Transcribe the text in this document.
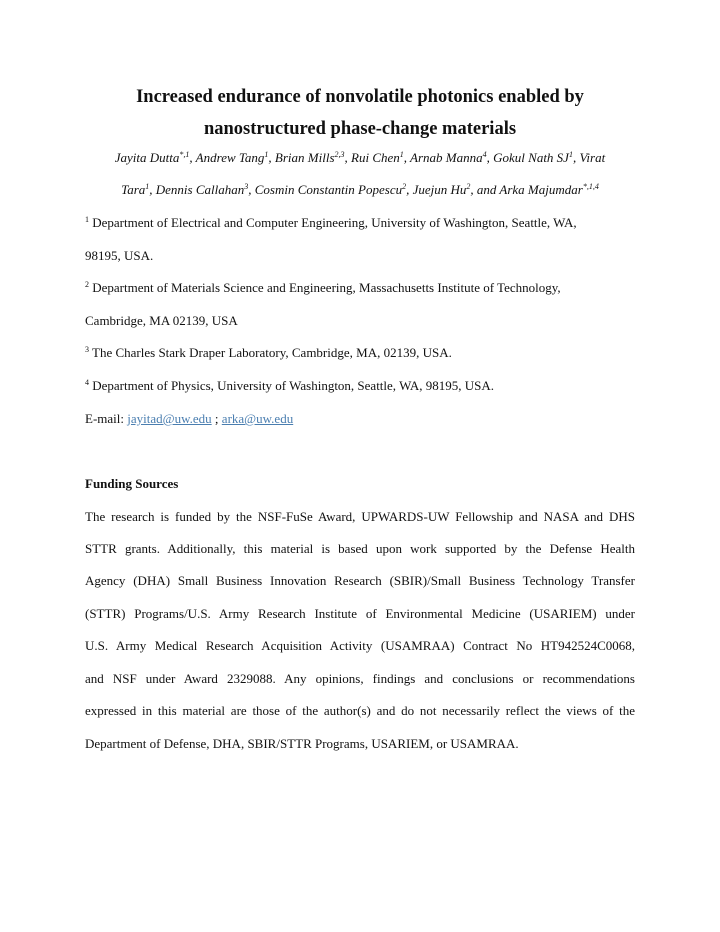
Increased endurance of nonvolatile photonics enabled by
nanostructured phase-change materials
Jayita Dutta$^{*,1}$, Andrew Tang$^1$, Brian Mills$^{2,3}$, Rui Chen$^1$, Arnab Manna$^4$, Gokul Nath $SJ^1$, Virat
Tara$^1$, Dennis Callahan$^3$, Cosmin Constantin Popescu$^2$, Juejun Hu$^2$, and Arka Majumdar$^{*,1,4}$
$^1$ Department of Electrical and Computer Engineering, University of Washington, Seattle, WA,
98195, USA.
$^2$ Department of Materials Science and Engineering, Massachusetts Institute of Technology,
Cambridge, MA 02139, USA
$^3$ The Charles Stark Draper Laboratory, Cambridge, MA, 02139, USA.
$^4$ Department of Physics, University of Washington, Seattle, WA, 98195, USA.
E-mail: jayitad@uw.edu ; arka@uw.edu
Funding Sources
The research is funded by the NSF-FuSe Award, UPWARDS-UW Fellowship and NASA and DHS
STTR grants. Additionally, this material is based upon work supported by the Defense Health
Agency (DHA) Small Business Innovation Research (SBIR)/Small Business Technology Transfer
(STTR) Programs/U.S. Army Research Institute of Environmental Medicine (USARIEM) under
U.S. Army Medical Research Acquisition Activity (USAMRAA) Contract No HT942524C0068,
and NSF under Award 2329088. Any opinions, findings and conclusions or recommendations
expressed in this material are those of the author(s) and do not necessarily reflect the views of the
Department of Defense, DHA, SBIR/STTR Programs, USARIEM, or USAMRAA.
